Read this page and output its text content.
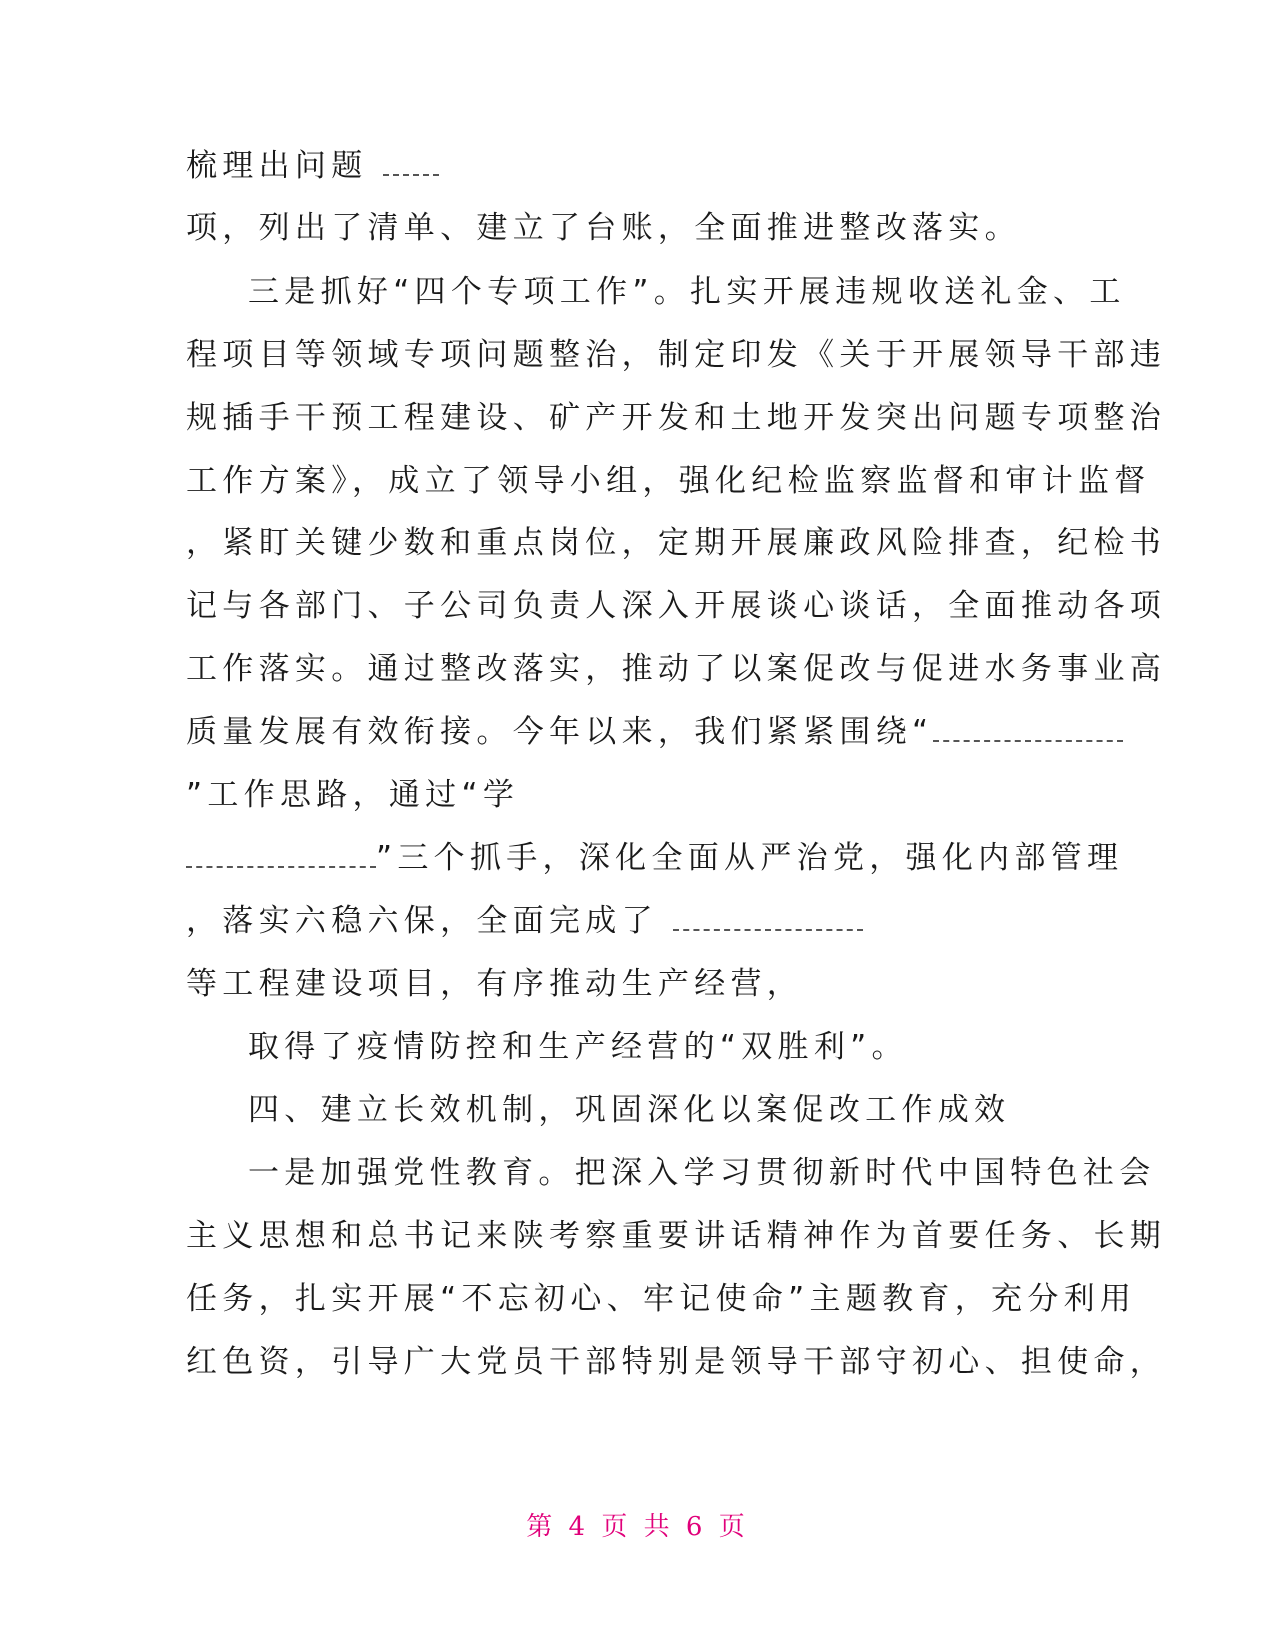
梳理出问题
项，列出了清单、建立了台账，全面推进整改落实。
三是抓好“四个专项工作”。扎实开展违规收送礼金、工
程项目等领域专项问题整治，制定印发《关于开展领导干部违
规插手干预工程建设、矿产开发和土地开发突出问题专项整治
工作方案》，成立了领导小组，强化纪检监察监督和审计监督
，紧盯关键少数和重点岗位，定期开展廉政风险排查，纪检书
记与各部门、子公司负责人深入开展谈心谈话，全面推动各项
工作落实。通过整改落实，推动了以案促改与促进水务事业高
质量发展有效衔接。今年以来，我们紧紧围绕“
”工作思路，通过“学
”三个抓手，深化全面从严治党，强化内部管理
，落实六稳六保，全面完成了
等工程建设项目，有序推动生产经营，
取得了疫情防控和生产经营的“双胜利”。
四、建立长效机制，巩固深化以案促改工作成效
一是加强党性教育。把深入学习贯彻新时代中国特色社会
主义思想和总书记来陕考察重要讲话精神作为首要任务、长期
任务，扎实开展“不忘初心、牢记使命”主题教育，充分利用
红色资，引导广大党员干部特别是领导干部守初心、担使命，
第 4 页 共 6 页
